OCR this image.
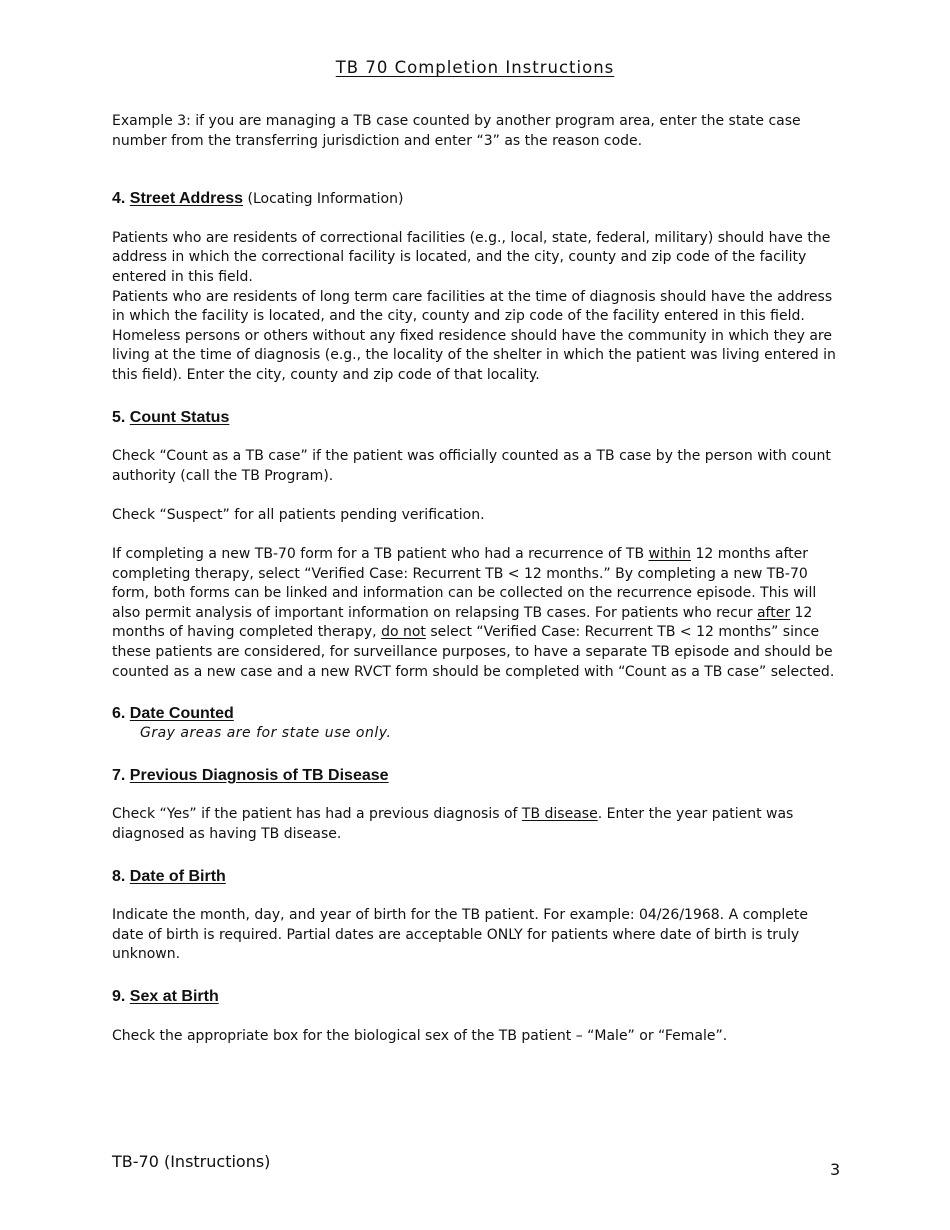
TB 70 Completion Instructions

Example 3: if you are managing a TB case counted by another program area, enter the state case number from the transferring jurisdiction and enter “3” as the reason code.

4. Street Address (Locating Information)

Patients who are residents of correctional facilities (e.g., local, state, federal, military) should have the address in which the correctional facility is located, and the city, county and zip code of the facility entered in this field.

Patients who are residents of long term care facilities at the time of diagnosis should have the address in which the facility is located, and the city, county and zip code of the facility entered in this field.

Homeless persons or others without any fixed residence should have the community in which they are living at the time of diagnosis (e.g., the locality of the shelter in which the patient was living entered in this field). Enter the city, county and zip code of that locality.

5. Count Status

Check “Count as a TB case” if the patient was officially counted as a TB case by the person with count authority (call the TB Program).

Check “Suspect” for all patients pending verification.

If completing a new TB-70 form for a TB patient who had a recurrence of TB within 12 months after completing therapy, select “Verified Case: Recurrent TB < 12 months.” By completing a new TB-70 form, both forms can be linked and information can be collected on the recurrence episode. This will also permit analysis of important information on relapsing TB cases. For patients who recur after 12 months of having completed therapy, do not select “Verified Case: Recurrent TB < 12 months” since these patients are considered, for surveillance purposes, to have a separate TB episode and should be counted as a new case and a new RVCT form should be completed with “Count as a TB case” selected.

6. Date Counted

Gray areas are for state use only.

7. Previous Diagnosis of TB Disease

Check “Yes” if the patient has had a previous diagnosis of TB disease. Enter the year patient was diagnosed as having TB disease.

8. Date of Birth

Indicate the month, day, and year of birth for the TB patient. For example: 04/26/1968. A complete date of birth is required. Partial dates are acceptable ONLY for patients where date of birth is truly unknown.

9. Sex at Birth

Check the appropriate box for the biological sex of the TB patient – “Male” or “Female”.

TB-70 (Instructions)	3
